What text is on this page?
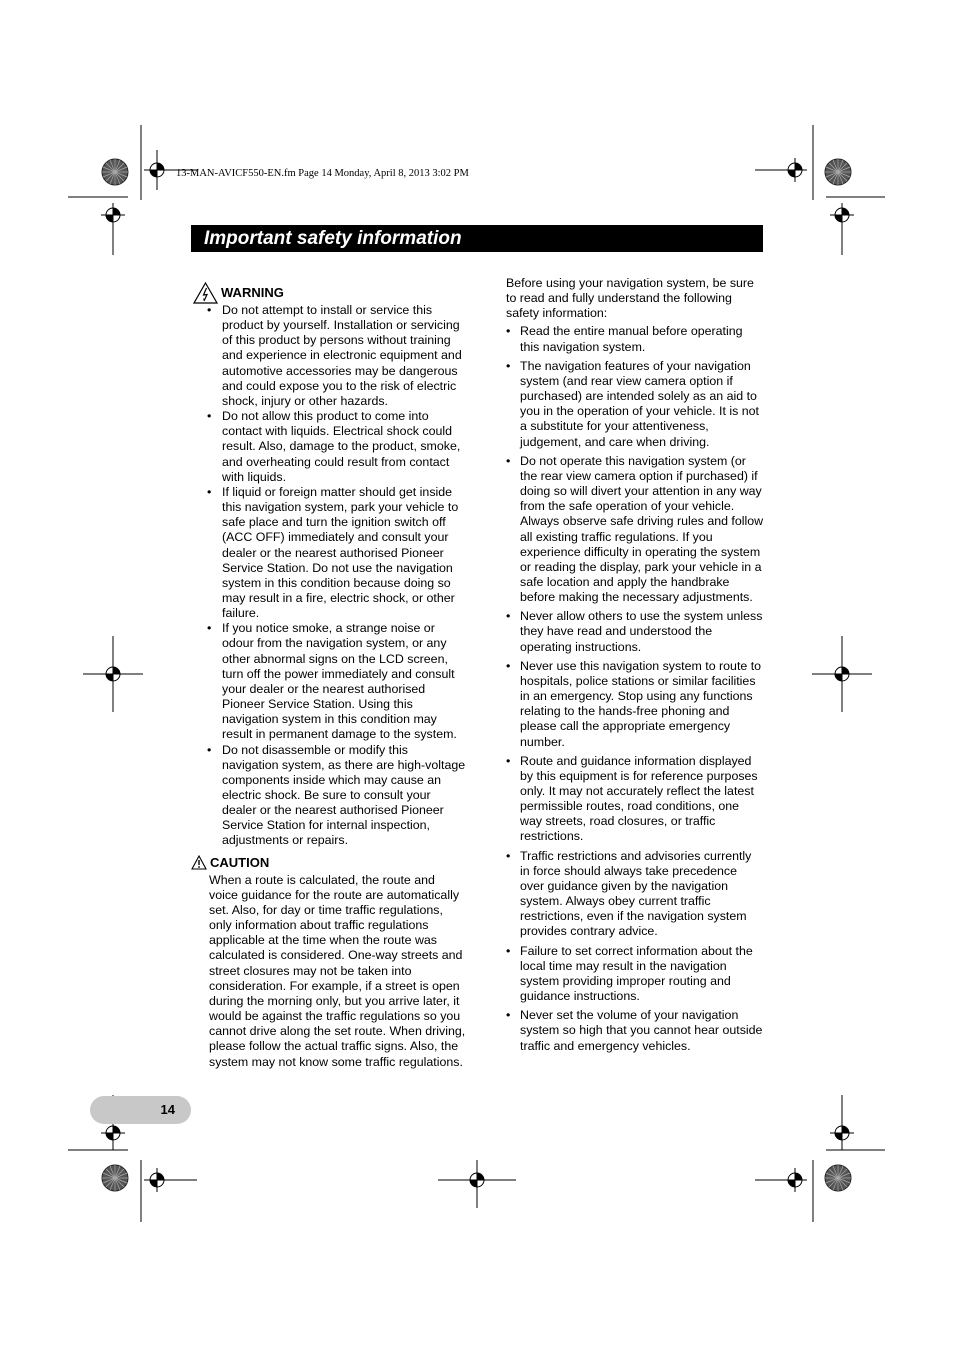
13-MAN-AVICF550-EN.fm Page 14 Monday, April 8, 2013 3:02 PM
Important safety information
WARNING
• Do not attempt to install or service this product by yourself. Installation or servicing of this product by persons without training and experience in electronic equipment and automotive accessories may be dangerous and could expose you to the risk of electric shock, injury or other hazards.
• Do not allow this product to come into contact with liquids. Electrical shock could result. Also, damage to the product, smoke, and overheating could result from contact with liquids.
• If liquid or foreign matter should get inside this navigation system, park your vehicle to safe place and turn the ignition switch off (ACC OFF) immediately and consult your dealer or the nearest authorised Pioneer Service Station. Do not use the navigation system in this condition because doing so may result in a fire, electric shock, or other failure.
• If you notice smoke, a strange noise or odour from the navigation system, or any other abnormal signs on the LCD screen, turn off the power immediately and consult your dealer or the nearest authorised Pioneer Service Station. Using this navigation system in this condition may result in permanent damage to the system.
• Do not disassemble or modify this navigation system, as there are high-voltage components inside which may cause an electric shock. Be sure to consult your dealer or the nearest authorised Pioneer Service Station for internal inspection, adjustments or repairs.
CAUTION

When a route is calculated, the route and voice guidance for the route are automatically set. Also, for day or time traffic regulations, only information about traffic regulations applicable at the time when the route was calculated is considered. One-way streets and street closures may not be taken into consideration. For example, if a street is open during the morning only, but you arrive later, it would be against the traffic regulations so you cannot drive along the set route. When driving, please follow the actual traffic signs. Also, the system may not know some traffic regulations.

Before using your navigation system, be sure to read and fully understand the following safety information:

• Read the entire manual before operating this navigation system.
• The navigation features of your navigation system (and rear view camera option if purchased) are intended solely as an aid to you in the operation of your vehicle. It is not a substitute for your attentiveness, judgement, and care when driving.
• Do not operate this navigation system (or the rear view camera option if purchased) if doing so will divert your attention in any way from the safe operation of your vehicle. Always observe safe driving rules and follow all existing traffic regulations. If you experience difficulty in operating the system or reading the display, park your vehicle in a safe location and apply the handbrake before making the necessary adjustments.
• Never allow others to use the system unless they have read and understood the operating instructions.
• Never use this navigation system to route to hospitals, police stations or similar facilities in an emergency. Stop using any functions relating to the hands-free phoning and please call the appropriate emergency number.
• Route and guidance information displayed by this equipment is for reference purposes only. It may not accurately reflect the latest permissible routes, road conditions, one way streets, road closures, or traffic restrictions.
• Traffic restrictions and advisories currently in force should always take precedence over guidance given by the navigation system. Always obey current traffic restrictions, even if the navigation system provides contrary advice.
• Failure to set correct information about the local time may result in the navigation system providing improper routing and guidance instructions.
• Never set the volume of your navigation system so high that you cannot hear outside traffic and emergency vehicles.
14
